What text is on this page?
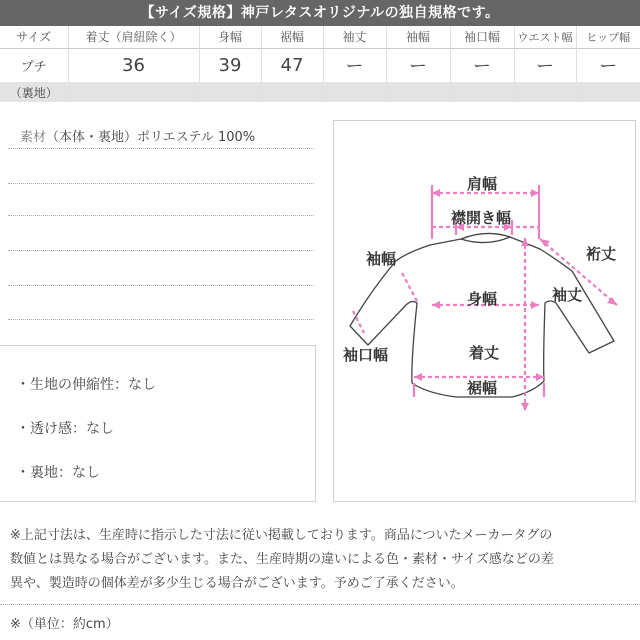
【サイズ規格】神戸レタスオリジナルの独自規格です。
サイズ	着丈（肩紐除く）	身幅	裾幅	袖丈	袖幅	袖口幅	ウエスト幅	ヒップ幅
プチ	36	39	47	ー	ー	ー	ー	ー
（裏地）								
素材（本体・裏地）ポリエステル 100%
・生地の伸縮性：なし
・透け感：なし
・裏地：なし
肩幅
襟開き幅
裄丈
袖幅
袖丈
身幅
袖口幅	着丈
裾幅
※上記寸法は、生産時に指示した寸法に従い掲載しております。商品についたメーカータグの
数値とは異なる場合がございます。また、生産時期の違いによる色・素材・サイズ感などの差
異や、製造時の個体差が多少生じる場合がございます。予めご了承ください。
※（単位：約cm）
